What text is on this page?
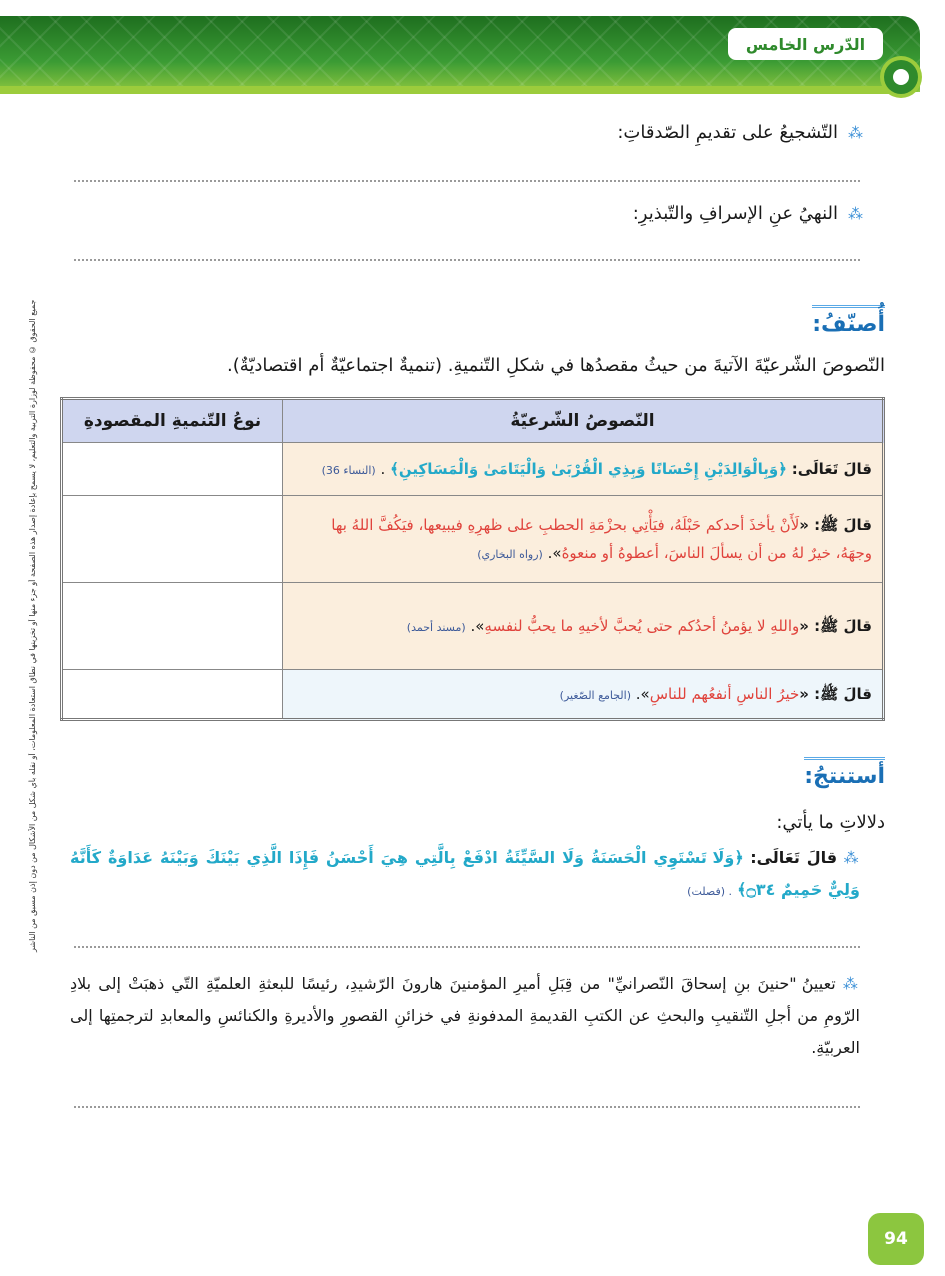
الدّرس الخامس
جميع الحقوق © محفوظة لوزارة التربية والتعليم، لا يسمح بإعادة إصدار هذه الصفحة أو جزء منها أو تخزينها في نطاق استعادة المعلومات، أو نقله بأي شكل من الأشكال من دون إذن مسبق من الناشر
⁂
التّشجيعُ على تقديمِ الصّدقاتِ:
⁂
النهيُ عنِ الإسرافِ والتّبذيرِ:
أُصنّفُ:
النّصوصَ الشّرعيّةَ الآتيةَ من حيثُ مقصدُها في شكلِ التّنميةِ. (تنميةٌ اجتماعيّةٌ أم اقتصاديّةٌ).
النّصوصُ الشّرعيّةُ	نوعُ التّنميةِ المقصودةِ
قالَ تَعَالَى: ﴿وَبِالْوَالِدَيْنِ إِحْسَانًا وَبِذِي الْقُرْبَىٰ وَالْيَتَامَىٰ وَالْمَسَاكِينِ﴾ . (النساء 36)	
قالَ ﷺ: «لَأَنْ يأخذَ أحدكم حَبْلَهُ، فيَأْتِي بحزْمَةِ الحطبِ على ظهرِهِ فيبيعها، فيَكُفَّ اللهُ بها وجهَهُ، خيرٌ لهُ من أن يسألَ الناسَ، أعطوهُ أو منعوهُ». (رواه البخاري)	
قالَ ﷺ: «واللهِ لا يؤمنُ أحدُكم حتى يُحبَّ لأخيهِ ما يحبُّ لنفسهِ». (مسند أحمد)	
قالَ ﷺ: «خيرُ الناسِ أنفعُهم للناسِ». (الجامع الصّغير)	
أستنتجُ:
دلالاتِ ما يأتي:
⁂ قالَ تَعَالَى: ﴿وَلَا تَسْتَوِي الْحَسَنَةُ وَلَا السَّيِّئَةُ ادْفَعْ بِالَّتِي هِيَ أَحْسَنُ فَإِذَا الَّذِي بَيْنَكَ وَبَيْنَهُ عَدَاوَةٌ كَأَنَّهُ وَلِيٌّ حَمِيمٌ ۝٣٤﴾ . (فصلت)
⁂ تعيينُ "حنينَ بنِ إسحاقَ النّصرانيِّ" من قِبَلِ أميرِ المؤمنينَ هارونَ الرّشيدِ، رئيسًا للبعثةِ العلميّةِ التّي ذهبَتْ إلى بلادِ الرّومِ من أجلِ التّنقيبِ والبحثِ عن الكتبِ القديمةِ المدفونةِ في خزائنِ القصورِ والأديرةِ والكنائسِ والمعابدِ لترجمتِها إلى العربيّةِ.
94
